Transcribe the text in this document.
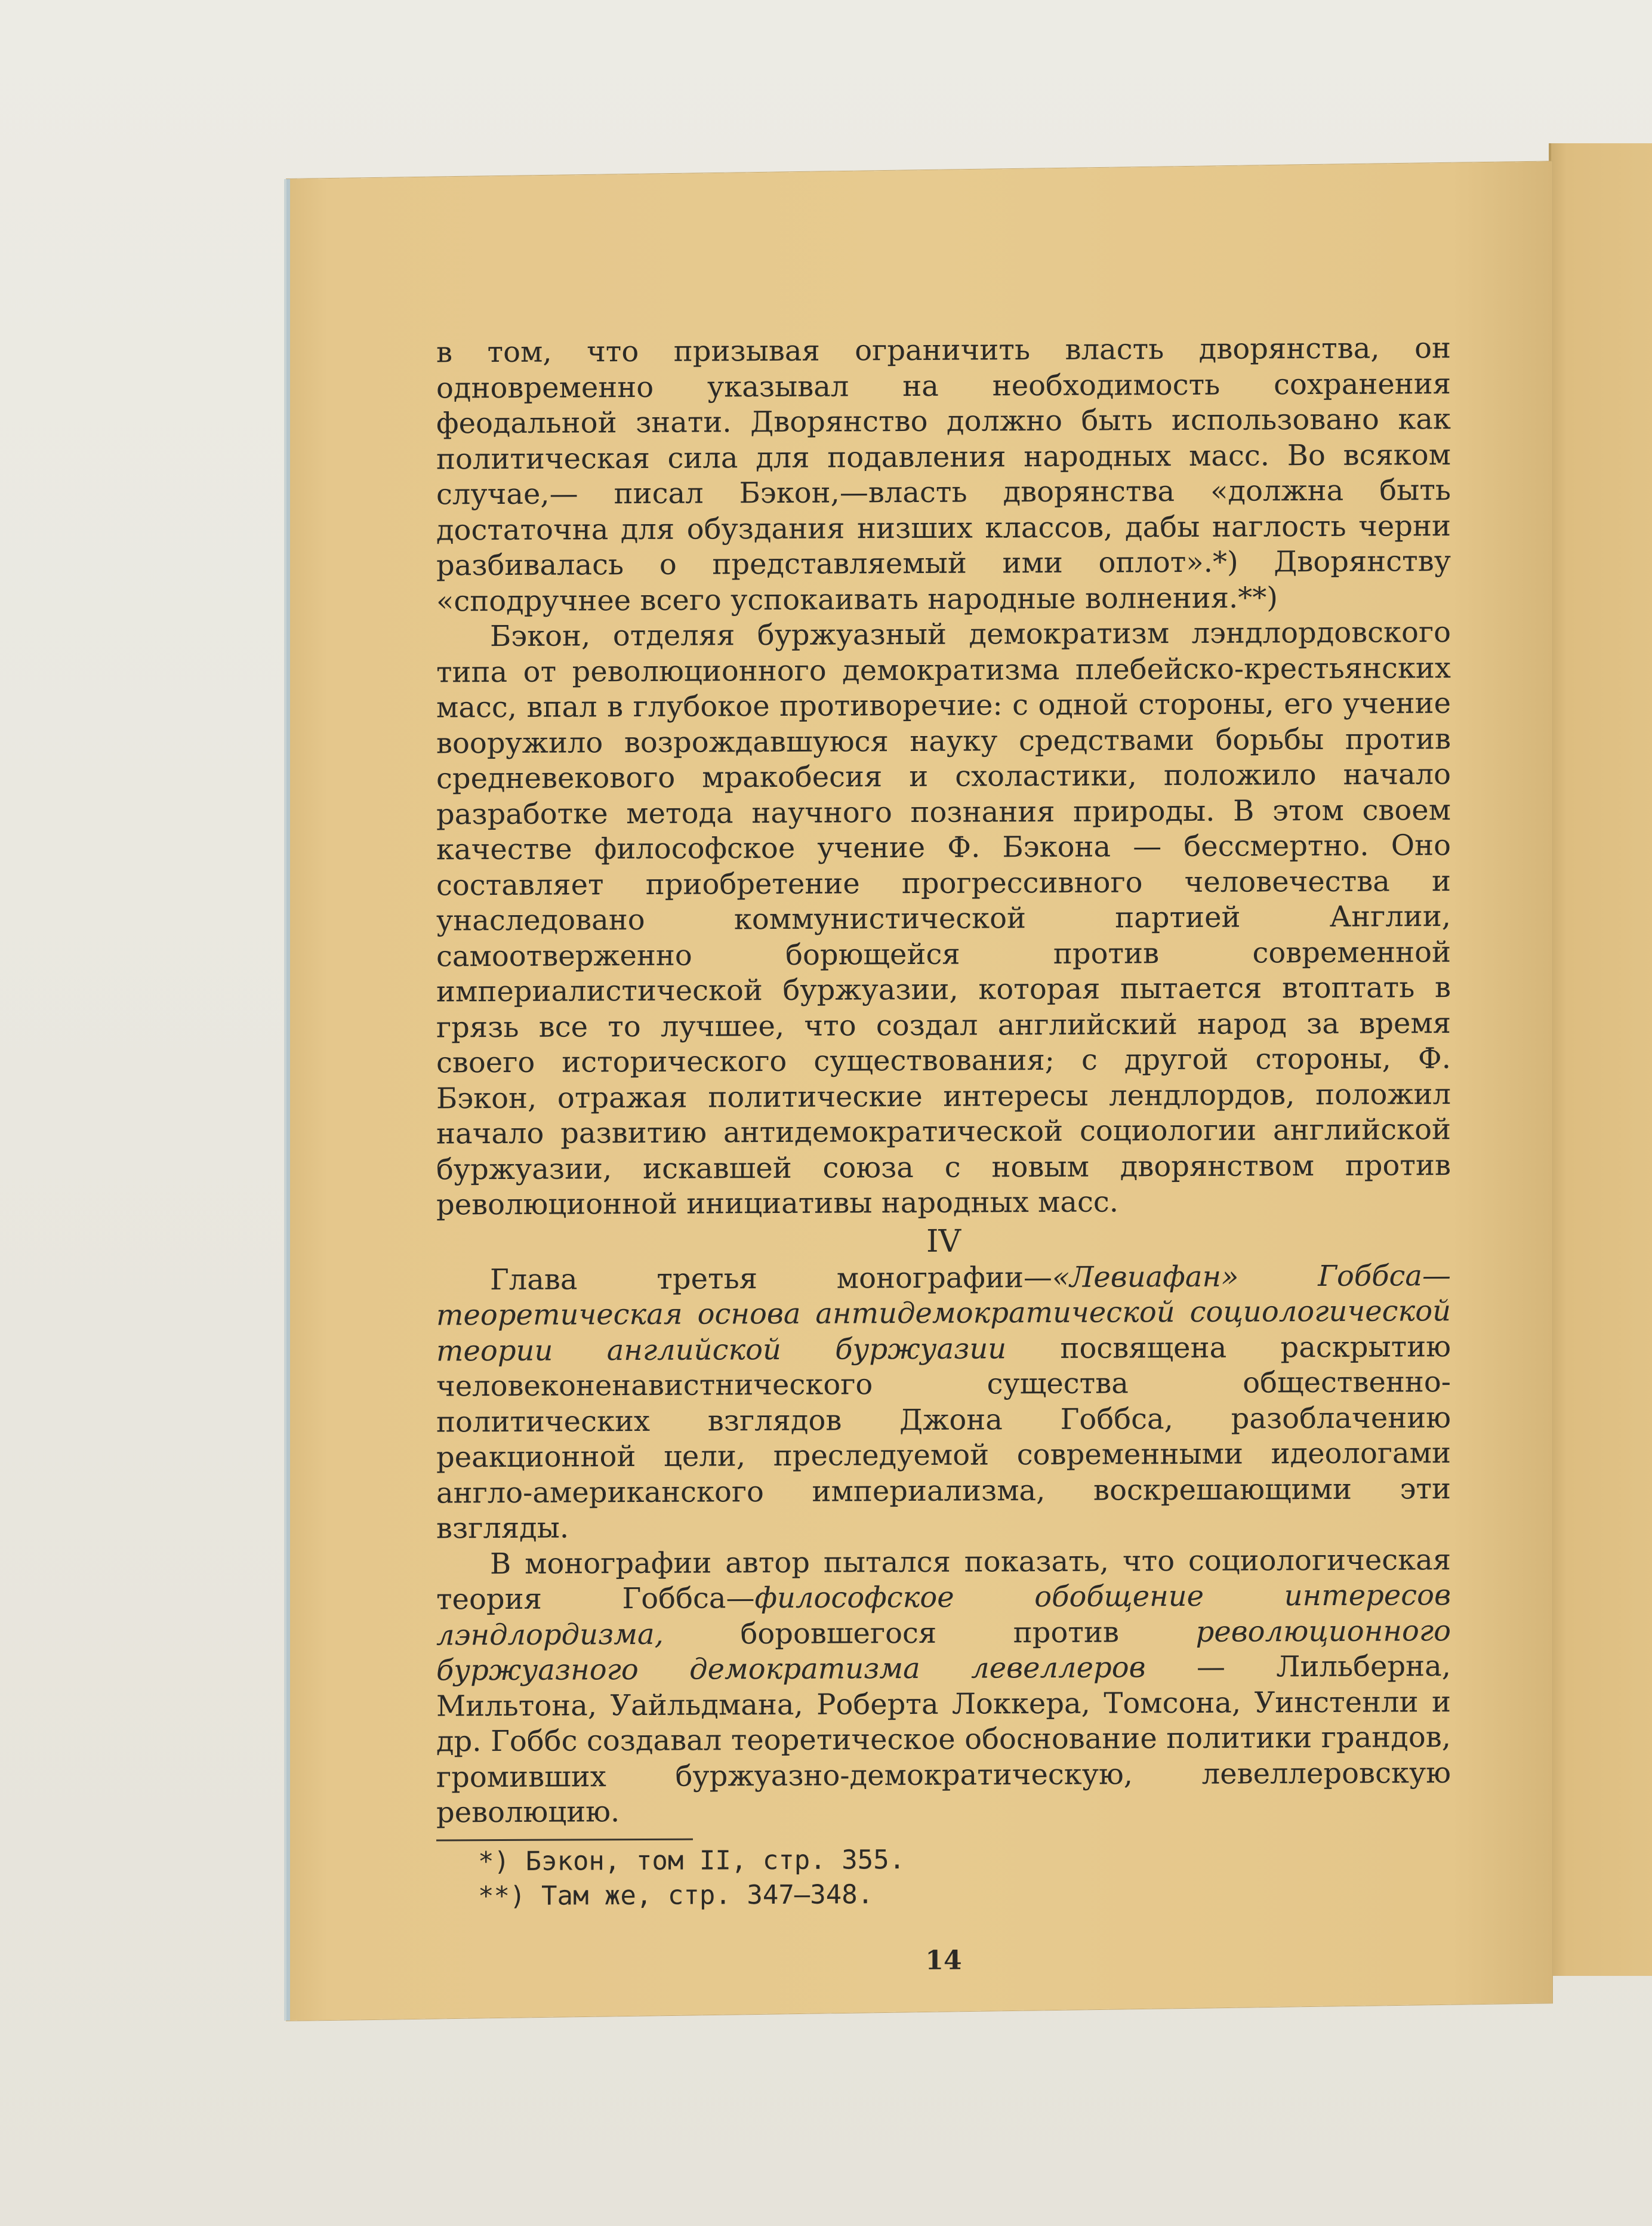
в том, что призывая ограничить власть дворянства, он одновременно указывал на необходимость сохранения феодальной знати. Дворянство должно быть использовано как политическая сила для подавления народных масс. Во всяком случае,— писал Бэкон,—власть дворянства «должна быть достаточна для обуздания низших классов, дабы наглость черни разбивалась о представляемый ими оплот».*) Дворянству «сподручнее всего успокаивать народные волнения.**)

Бэкон, отделяя буржуазный демократизм лэндлордовского типа от революционного демократизма плебейско-крестьянских масс, впал в глубокое противоречие: с одной стороны, его учение вооружило возрождавшуюся науку средствами борьбы против средневекового мракобесия и схоластики, положило начало разработке метода научного познания природы. В этом своем качестве философское учение Ф. Бэкона — бессмертно. Оно составляет приобретение прогрессивного человечества и унаследовано коммунистической партией Англии, самоотверженно борющейся против современной империалистической буржуазии, которая пытается втоптать в грязь все то лучшее, что создал английский народ за время своего исторического существования; с другой стороны, Ф. Бэкон, отражая политические интересы лендлордов, положил начало развитию антидемократической социологии английской буржуазии, искавшей союза с новым дворянством против революционной инициативы народных масс.

IV

Глава третья монографии—«Левиафан» Гоббса—теоретическая основа антидемократической социологической теории английской буржуазии посвящена раскрытию человеконенавистнического существа общественно-политических взглядов Джона Гоббса, разоблачению реакционной цели, преследуемой современными идеологами англо-американского империализма, воскрешающими эти взгляды.

В монографии автор пытался показать, что социологическая теория Гоббса—философское обобщение интересов лэндлордизма, боровшегося против революционного буржуазного демократизма левеллеров — Лильберна, Мильтона, Уайльдмана, Роберта Локкера, Томсона, Уинстенли и др. Гоббс создавал теоретическое обоснование политики грандов, громивших буржуазно-демократическую, левеллеровскую революцию.

*) Бэкон, том II, стр. 355.
**) Там же, стр. 347—348.
14
